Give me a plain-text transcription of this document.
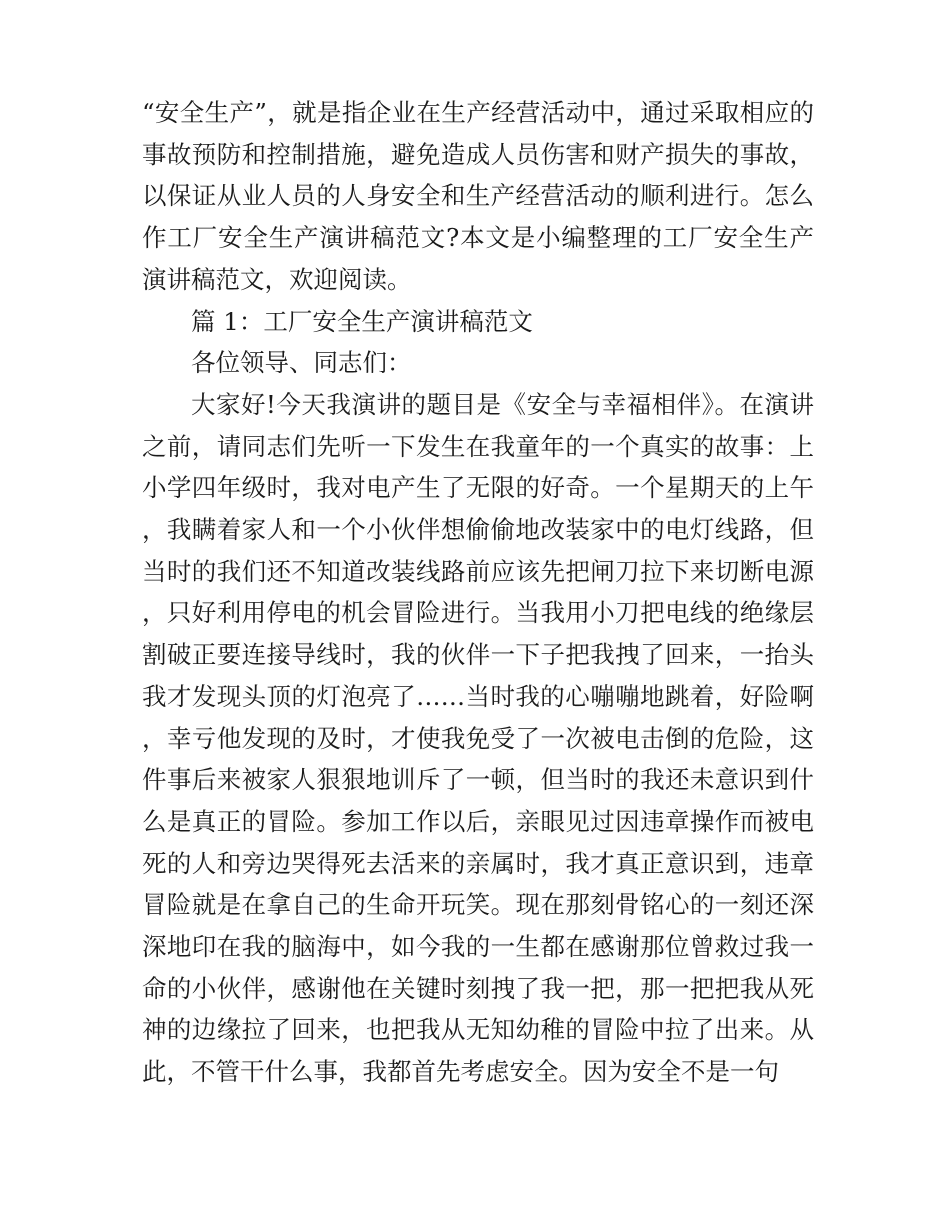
“安全生产”，就是指企业在生产经营活动中，通过采取相应的事故预防和控制措施，避免造成人员伤害和财产损失的事故，以保证从业人员的人身安全和生产经营活动的顺利进行。怎么作工厂安全生产演讲稿范文?本文是小编整理的工厂安全生产演讲稿范文，欢迎阅读。

篇 1：工厂安全生产演讲稿范文

各位领导、同志们：

大家好!今天我演讲的题目是《安全与幸福相伴》。在演讲之前，请同志们先听一下发生在我童年的一个真实的故事：上小学四年级时，我对电产生了无限的好奇。一个星期天的上午，我瞒着家人和一个小伙伴想偷偷地改装家中的电灯线路，但当时的我们还不知道改装线路前应该先把闸刀拉下来切断电源，只好利用停电的机会冒险进行。当我用小刀把电线的绝缘层割破正要连接导线时，我的伙伴一下子把我拽了回来，一抬头我才发现头顶的灯泡亮了……当时我的心嘣嘣地跳着，好险啊，幸亏他发现的及时，才使我免受了一次被电击倒的危险，这件事后来被家人狠狠地训斥了一顿，但当时的我还未意识到什么是真正的冒险。参加工作以后，亲眼见过因违章操作而被电死的人和旁边哭得死去活来的亲属时，我才真正意识到，违章冒险就是在拿自己的生命开玩笑。现在那刻骨铭心的一刻还深深地印在我的脑海中，如今我的一生都在感谢那位曾救过我一命的小伙伴，感谢他在关键时刻拽了我一把，那一把把我从死神的边缘拉了回来，也把我从无知幼稚的冒险中拉了出来。从此，不管干什么事，我都首先考虑安全。因为安全不是一句
